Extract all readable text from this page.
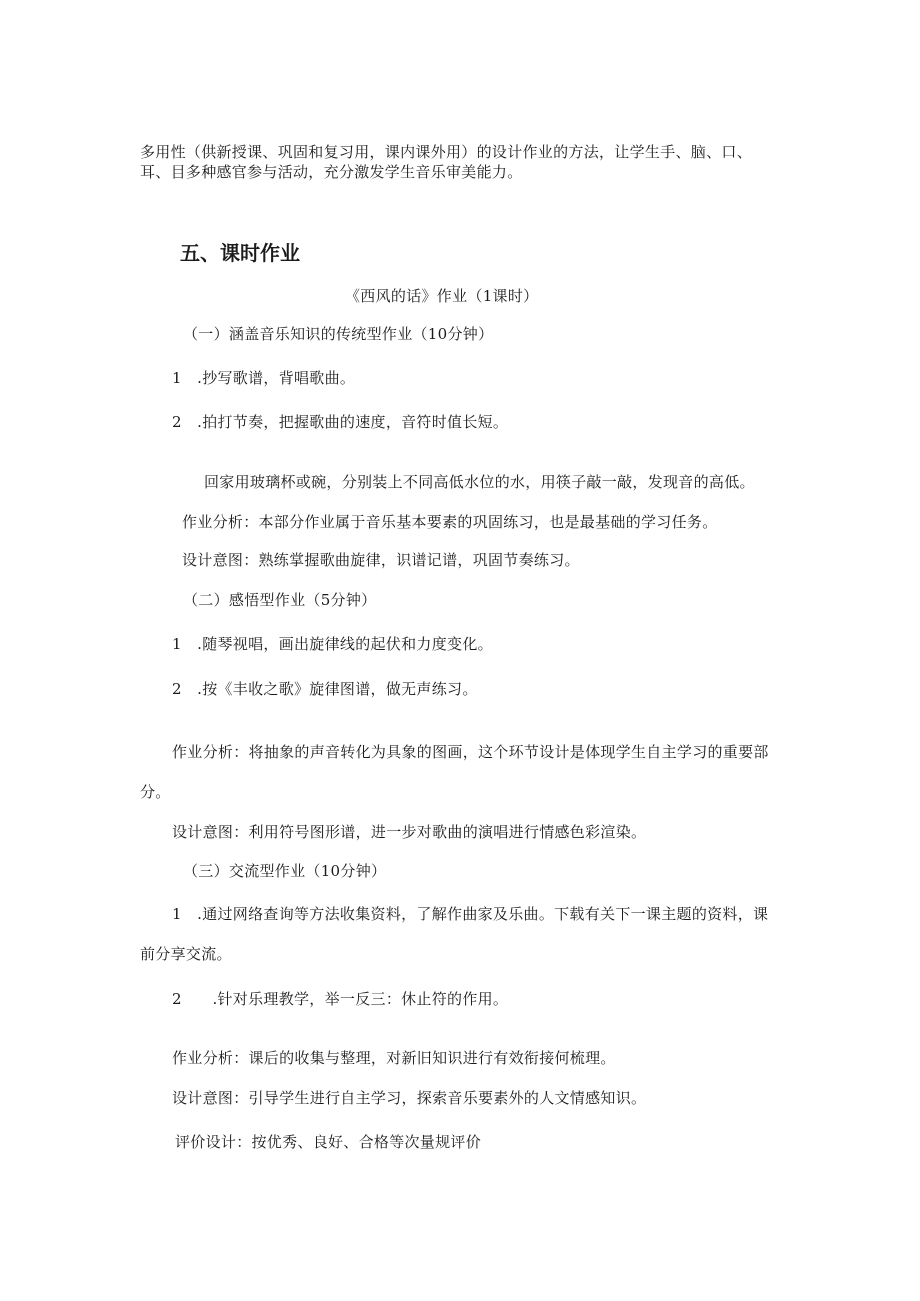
多用性（供新授课、巩固和复习用，课内课外用）的设计作业的方法，让学生手、脑、口、
耳、目多种感官参与活动，充分激发学生音乐审美能力。
五、课时作业
《西风的话》作业（1课时）
（一）涵盖音乐知识的传统型作业（10分钟）
1　.抄写歌谱，背唱歌曲。
2　.拍打节奏，把握歌曲的速度，音符时值长短。
回家用玻璃杯或碗，分别装上不同高低水位的水，用筷子敲一敲，发现音的高低。
作业分析：本部分作业属于音乐基本要素的巩固练习，也是最基础的学习任务。
设计意图：熟练掌握歌曲旋律，识谱记谱，巩固节奏练习。
（二）感悟型作业（5分钟）
1　.随琴视唱，画出旋律线的起伏和力度变化。
2　.按《丰收之歌》旋律图谱，做无声练习。
作业分析：将抽象的声音转化为具象的图画，这个环节设计是体现学生自主学习的重要部
分。
设计意图：利用符号图形谱，进一步对歌曲的演唱进行情感色彩渲染。
（三）交流型作业（10分钟）
1　.通过网络查询等方法收集资料，了解作曲家及乐曲。下载有关下一课主题的资料，课
前分享交流。
2　　.针对乐理教学，举一反三：休止符的作用。
作业分析：课后的收集与整理，对新旧知识进行有效衔接何梳理。
设计意图：引导学生进行自主学习，探索音乐要素外的人文情感知识。
评价设计：按优秀、良好、合格等次量规评价
